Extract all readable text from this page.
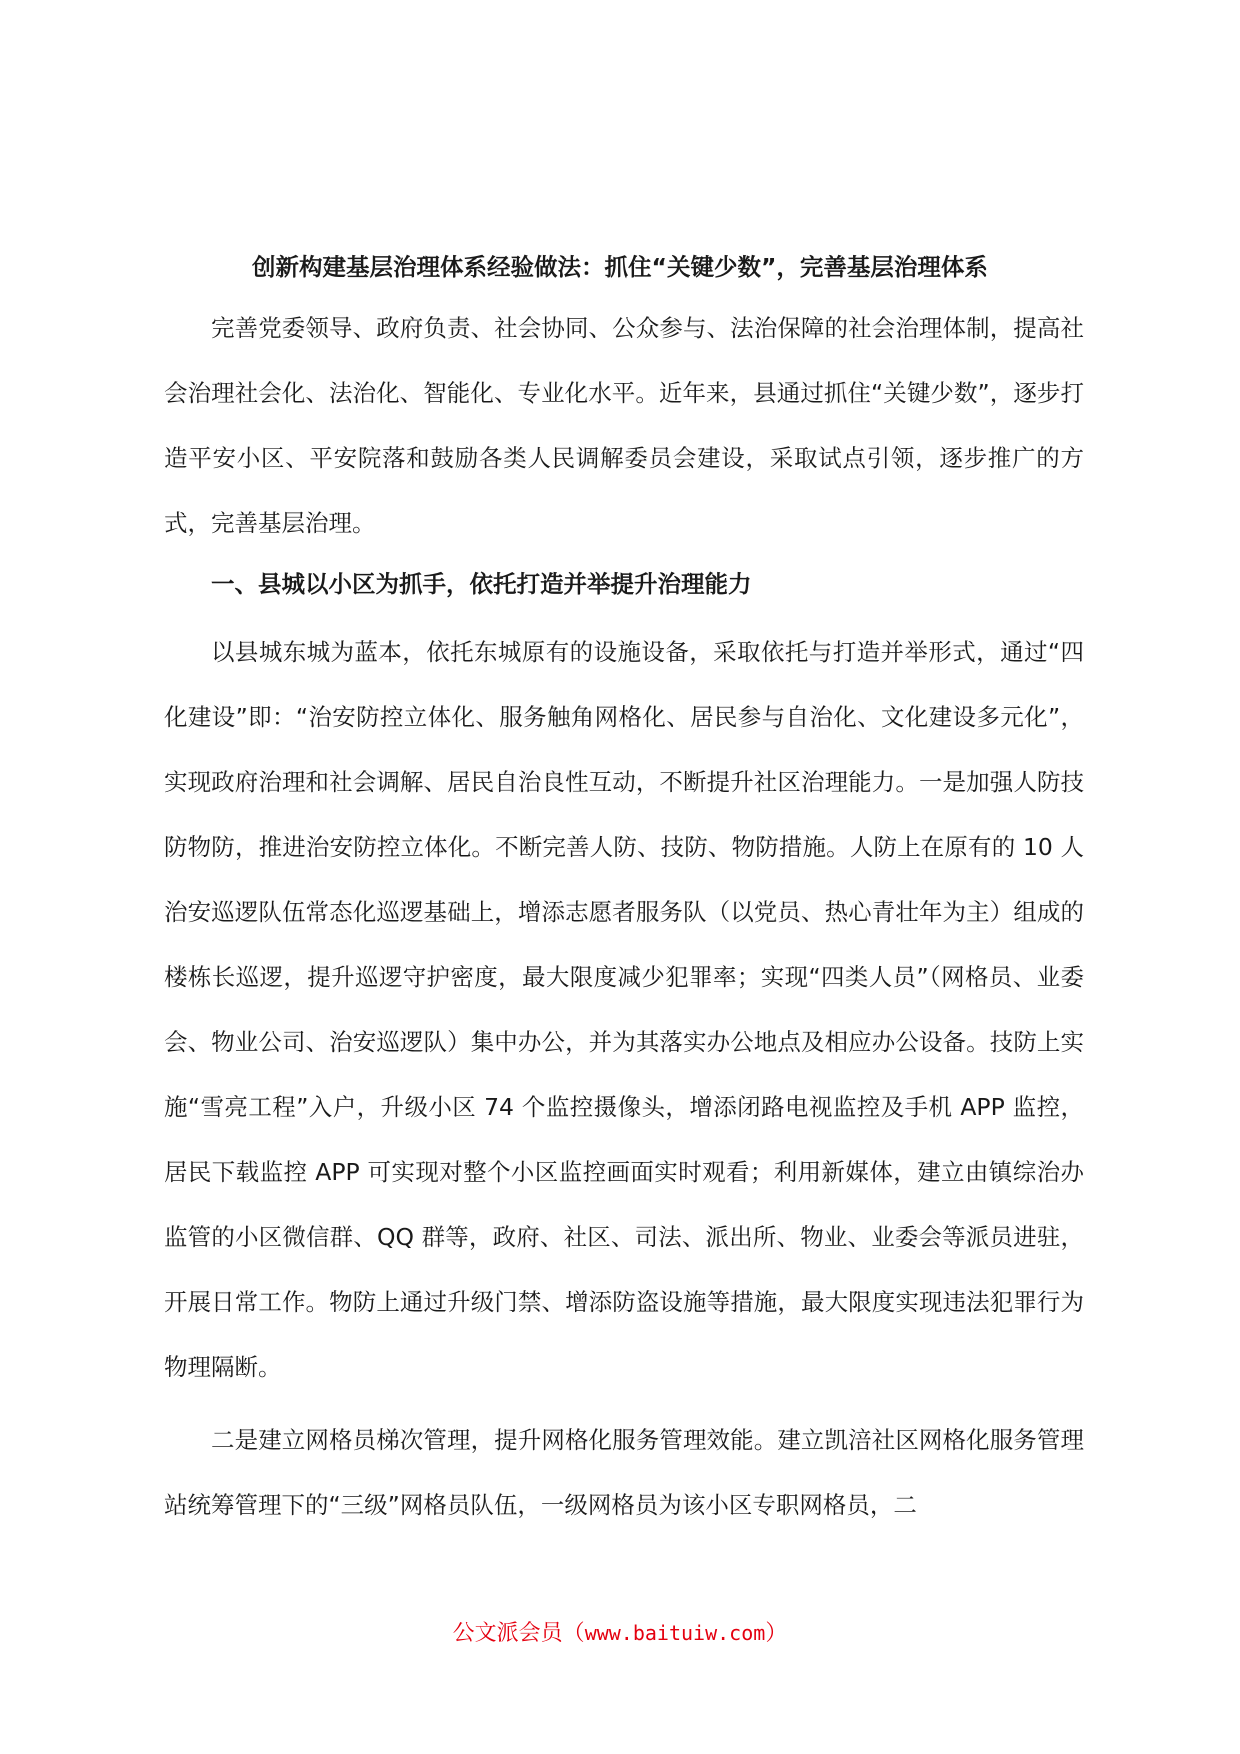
创新构建基层治理体系经验做法：抓住“关键少数”，完善基层治理体系

完善党委领导、政府负责、社会协同、公众参与、法治保障的社会治理体制，提高社会治理社会化、法治化、智能化、专业化水平。近年来，县通过抓住“关键少数”，逐步打造平安小区、平安院落和鼓励各类人民调解委员会建设，采取试点引领，逐步推广的方式，完善基层治理。

一、县城以小区为抓手，依托打造并举提升治理能力

以县城东城为蓝本，依托东城原有的设施设备，采取依托与打造并举形式，通过“四化建设”即：“治安防控立体化、服务触角网格化、居民参与自治化、文化建设多元化”，实现政府治理和社会调解、居民自治良性互动，不断提升社区治理能力。一是加强人防技防物防，推进治安防控立体化。不断完善人防、技防、物防措施。人防上在原有的 10 人治安巡逻队伍常态化巡逻基础上，增添志愿者服务队（以党员、热心青壮年为主）组成的楼栋长巡逻，提升巡逻守护密度，最大限度减少犯罪率；实现“四类人员”（网格员、业委会、物业公司、治安巡逻队）集中办公，并为其落实办公地点及相应办公设备。技防上实施“雪亮工程”入户，升级小区 74 个监控摄像头，增添闭路电视监控及手机 APP 监控，居民下载监控 APP 可实现对整个小区监控画面实时观看；利用新媒体，建立由镇综治办监管的小区微信群、QQ 群等，政府、社区、司法、派出所、物业、业委会等派员进驻，开展日常工作。物防上通过升级门禁、增添防盗设施等措施，最大限度实现违法犯罪行为物理隔断。

二是建立网格员梯次管理，提升网格化服务管理效能。建立凯涪社区网格化服务管理站统筹管理下的“三级”网格员队伍，一级网格员为该小区专职网格员，二

公文派会员（www.baituiw.com）
